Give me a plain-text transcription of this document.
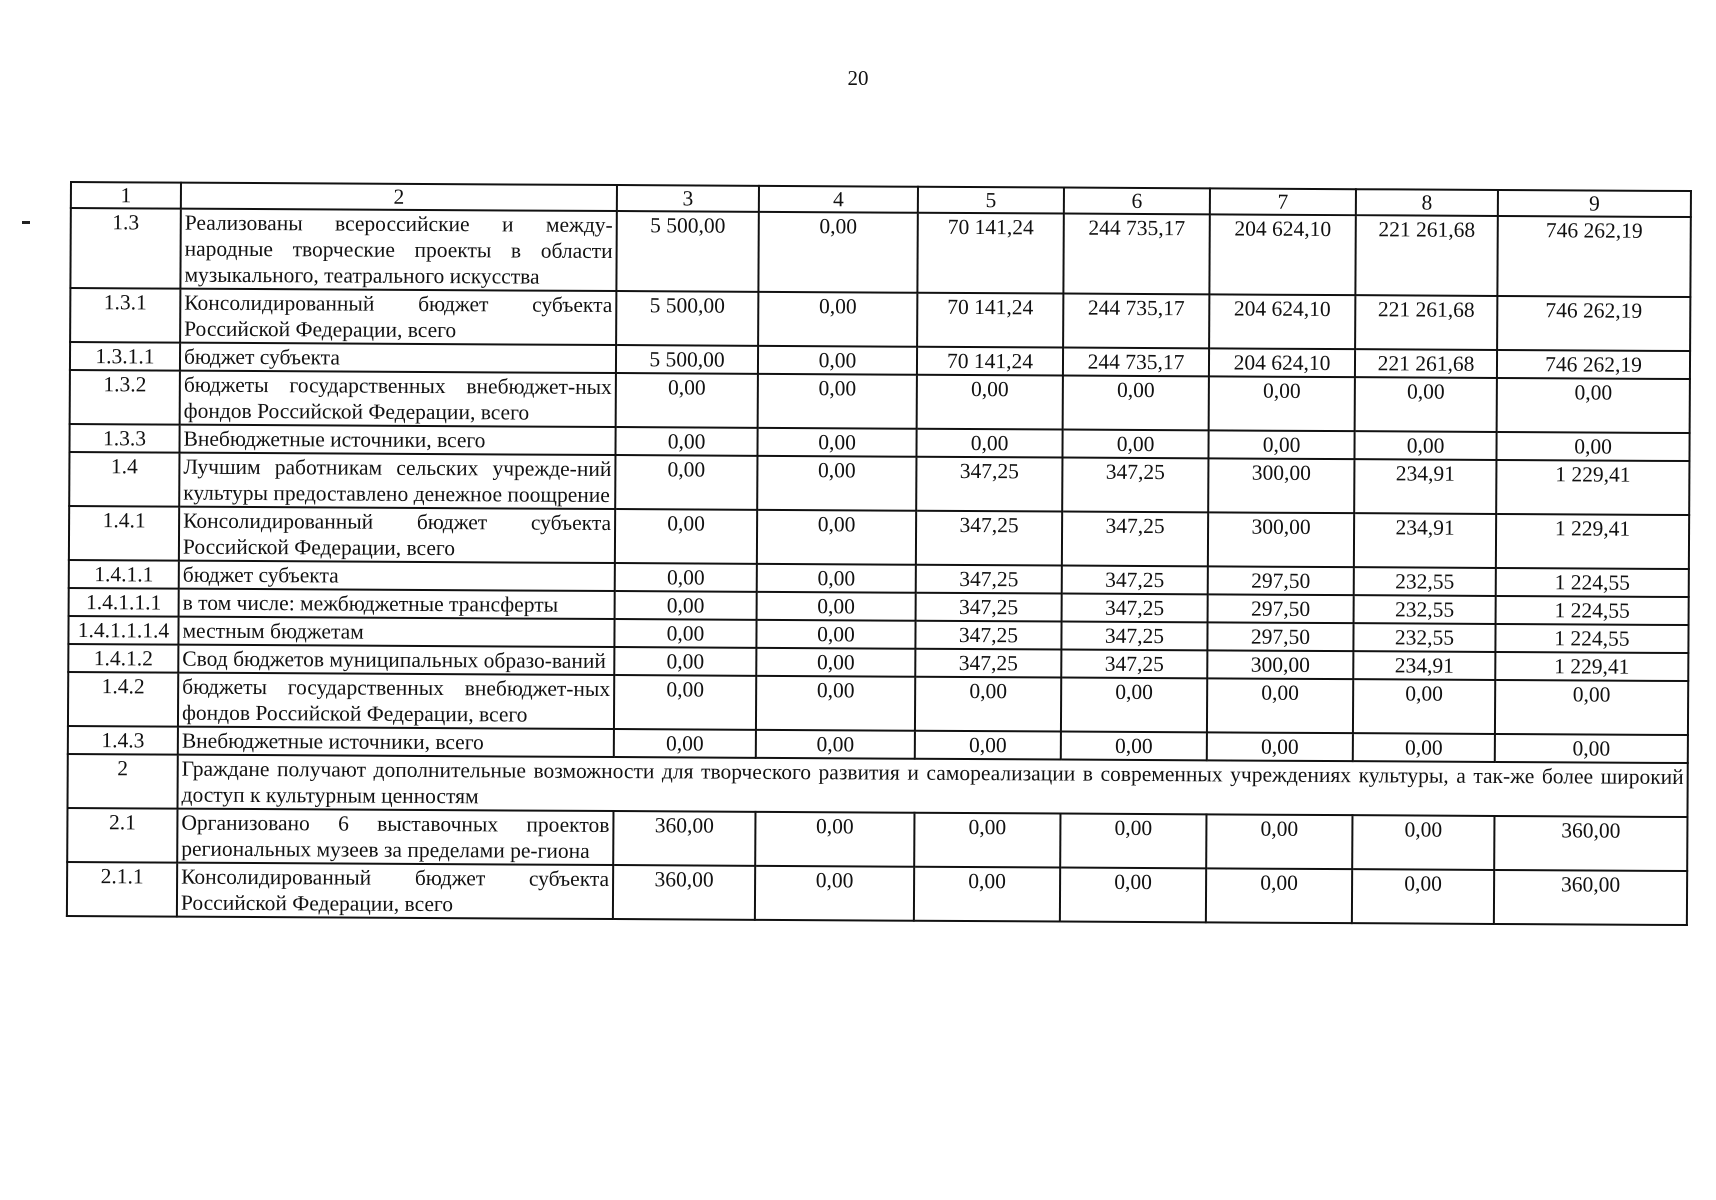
20
1	2	3	4	5	6	7	8	9
1.3	Реализованы всероссийские и между-народные творческие проекты в области музыкального, театрального искусства	5 500,00	0,00	70 141,24	244 735,17	204 624,10	221 261,68	746 262,19
1.3.1	Консолидированный бюджет субъекта Российской Федерации, всего	5 500,00	0,00	70 141,24	244 735,17	204 624,10	221 261,68	746 262,19
1.3.1.1	бюджет субъекта	5 500,00	0,00	70 141,24	244 735,17	204 624,10	221 261,68	746 262,19
1.3.2	бюджеты государственных внебюджет-ных фондов Российской Федерации, всего	0,00	0,00	0,00	0,00	0,00	0,00	0,00
1.3.3	Внебюджетные источники, всего	0,00	0,00	0,00	0,00	0,00	0,00	0,00
1.4	Лучшим работникам сельских учрежде-ний культуры предоставлено денежное поощрение	0,00	0,00	347,25	347,25	300,00	234,91	1 229,41
1.4.1	Консолидированный бюджет субъекта Российской Федерации, всего	0,00	0,00	347,25	347,25	300,00	234,91	1 229,41
1.4.1.1	бюджет субъекта	0,00	0,00	347,25	347,25	297,50	232,55	1 224,55
1.4.1.1.1	в том числе: межбюджетные трансферты	0,00	0,00	347,25	347,25	297,50	232,55	1 224,55
1.4.1.1.1.4	местным бюджетам	0,00	0,00	347,25	347,25	297,50	232,55	1 224,55
1.4.1.2	Свод бюджетов муниципальных образо-ваний	0,00	0,00	347,25	347,25	300,00	234,91	1 229,41
1.4.2	бюджеты государственных внебюджет-ных фондов Российской Федерации, всего	0,00	0,00	0,00	0,00	0,00	0,00	0,00
1.4.3	Внебюджетные источники, всего	0,00	0,00	0,00	0,00	0,00	0,00	0,00
2	Граждане получают дополнительные возможности для творческого развития и самореализации в современных учреждениях культуры, а так-же более широкий доступ к культурным ценностям							
2.1	Организовано 6 выставочных проектов региональных музеев за пределами ре-гиона	360,00	0,00	0,00	0,00	0,00	0,00	360,00
2.1.1	Консолидированный бюджет субъекта Российской Федерации, всего	360,00	0,00	0,00	0,00	0,00	0,00	360,00
